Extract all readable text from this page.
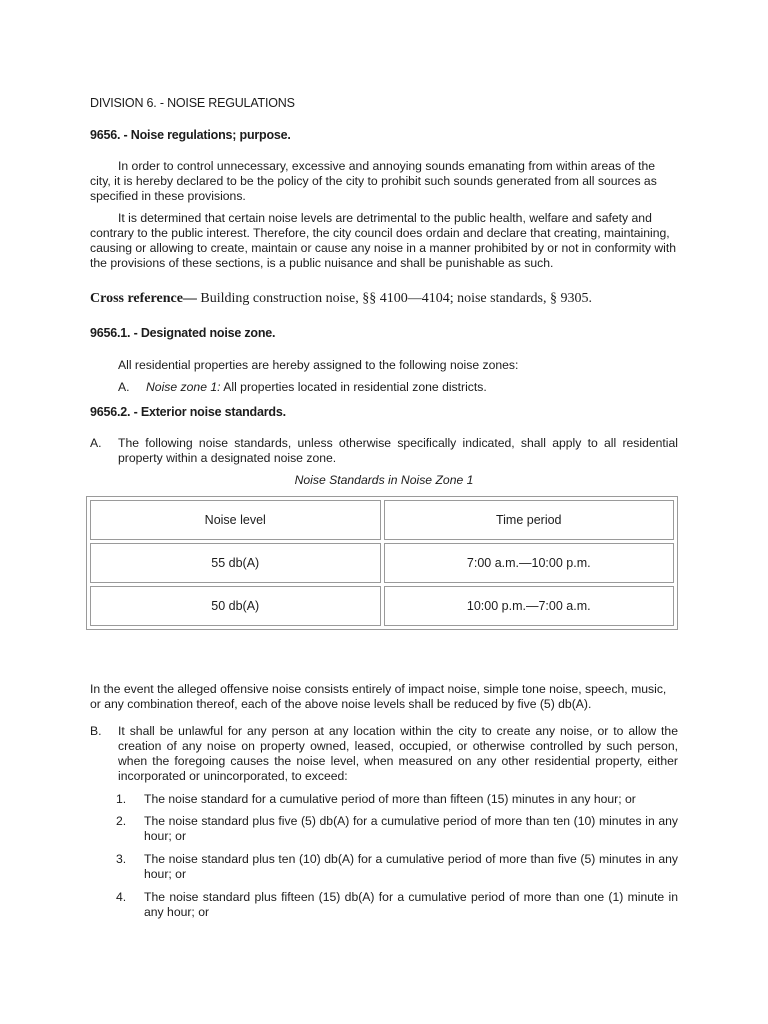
DIVISION 6. - NOISE REGULATIONS

9656. - Noise regulations; purpose.

In order to control unnecessary, excessive and annoying sounds emanating from within areas of the city, it is hereby declared to be the policy of the city to prohibit such sounds generated from all sources as specified in these provisions.

It is determined that certain noise levels are detrimental to the public health, welfare and safety and contrary to the public interest. Therefore, the city council does ordain and declare that creating, maintaining, causing or allowing to create, maintain or cause any noise in a manner prohibited by or not in conformity with the provisions of these sections, is a public nuisance and shall be punishable as such.

Cross reference— Building construction noise, §§ 4100—4104; noise standards, § 9305.

9656.1. - Designated noise zone.

All residential properties are hereby assigned to the following noise zones:

A. Noise zone 1: All properties located in residential zone districts.

9656.2. - Exterior noise standards.

A. The following noise standards, unless otherwise specifically indicated, shall apply to all residential property within a designated noise zone.

Noise Standards in Noise Zone 1

Noise level	Time period
55 db(A)	7:00 a.m.—10:00 p.m.
50 db(A)	10:00 p.m.—7:00 a.m.

In the event the alleged offensive noise consists entirely of impact noise, simple tone noise, speech, music, or any combination thereof, each of the above noise levels shall be reduced by five (5) db(A).

B. It shall be unlawful for any person at any location within the city to create any noise, or to allow the creation of any noise on property owned, leased, occupied, or otherwise controlled by such person, when the foregoing causes the noise level, when measured on any other residential property, either incorporated or unincorporated, to exceed:

1. The noise standard for a cumulative period of more than fifteen (15) minutes in any hour; or

2. The noise standard plus five (5) db(A) for a cumulative period of more than ten (10) minutes in any hour; or

3. The noise standard plus ten (10) db(A) for a cumulative period of more than five (5) minutes in any hour; or

4. The noise standard plus fifteen (15) db(A) for a cumulative period of more than one (1) minute in any hour; or
